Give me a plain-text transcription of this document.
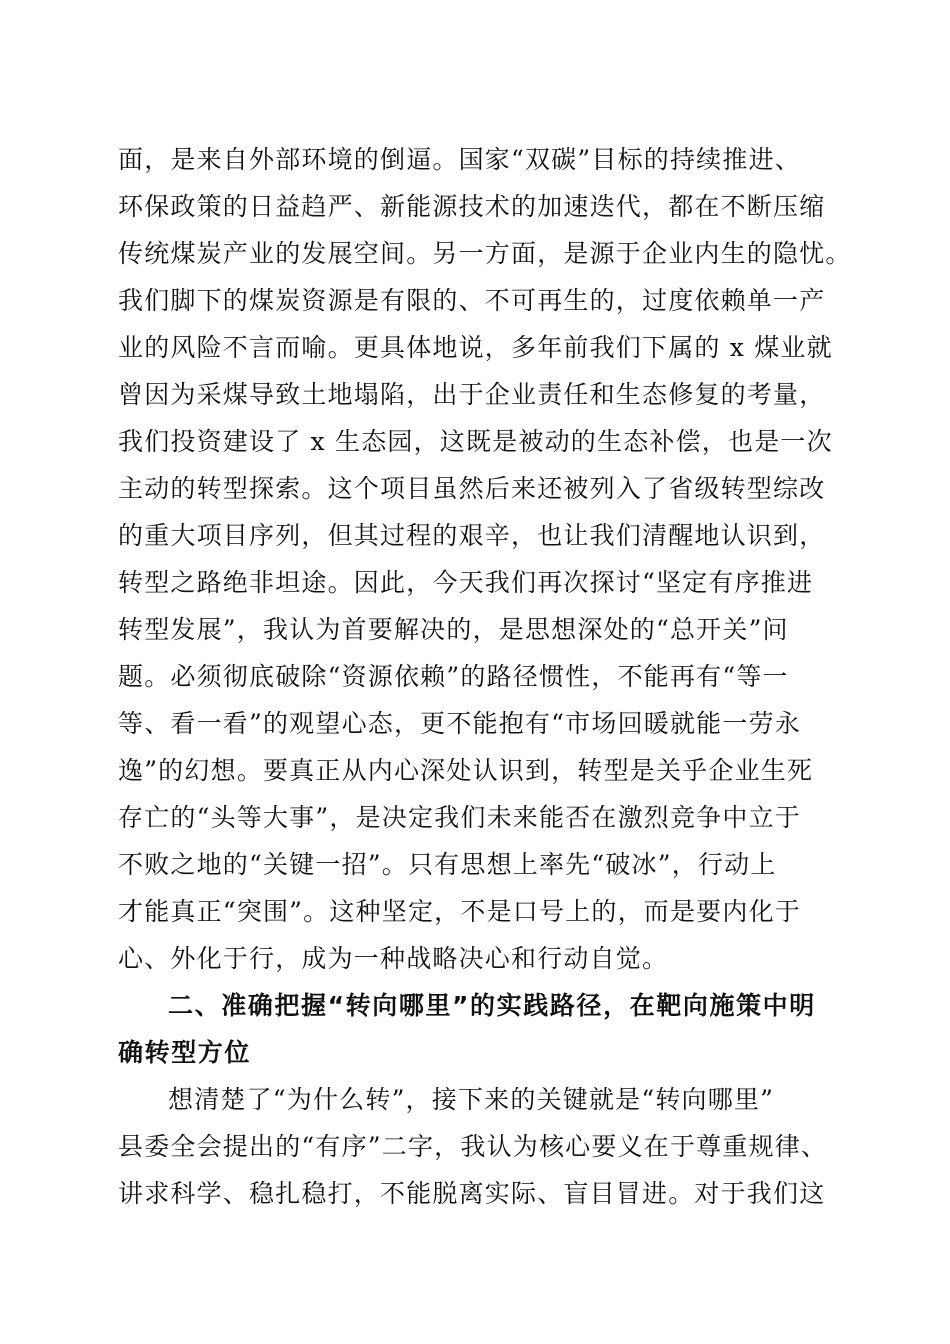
面，是来自外部环境的倒逼。国家“双碳”目标的持续推进、
环保政策的日益趋严、新能源技术的加速迭代，都在不断压缩
传统煤炭产业的发展空间。另一方面，是源于企业内生的隐忧。
我们脚下的煤炭资源是有限的、不可再生的，过度依赖单一产
业的风险不言而喻。更具体地说，多年前我们下属的 x 煤业就
曾因为采煤导致土地塌陷，出于企业责任和生态修复的考量，
我们投资建设了 x 生态园，这既是被动的生态补偿，也是一次
主动的转型探索。这个项目虽然后来还被列入了省级转型综改
的重大项目序列，但其过程的艰辛，也让我们清醒地认识到，
转型之路绝非坦途。因此，今天我们再次探讨“坚定有序推进
转型发展”，我认为首要解决的，是思想深处的“总开关”问
题。必须彻底破除“资源依赖”的路径惯性，不能再有“等一
等、看一看”的观望心态，更不能抱有“市场回暖就能一劳永
逸”的幻想。要真正从内心深处认识到，转型是关乎企业生死
存亡的“头等大事”，是决定我们未来能否在激烈竞争中立于
不败之地的“关键一招”。只有思想上率先“破冰”，行动上
才能真正“突围”。这种坚定，不是口号上的，而是要内化于
心、外化于行，成为一种战略决心和行动自觉。
二、准确把握“转向哪里”的实践路径，在靶向施策中明
确转型方位
想清楚了“为什么转”，接下来的关键就是“转向哪里”
县委全会提出的“有序”二字，我认为核心要义在于尊重规律、
讲求科学、稳扎稳打，不能脱离实际、盲目冒进。对于我们这
